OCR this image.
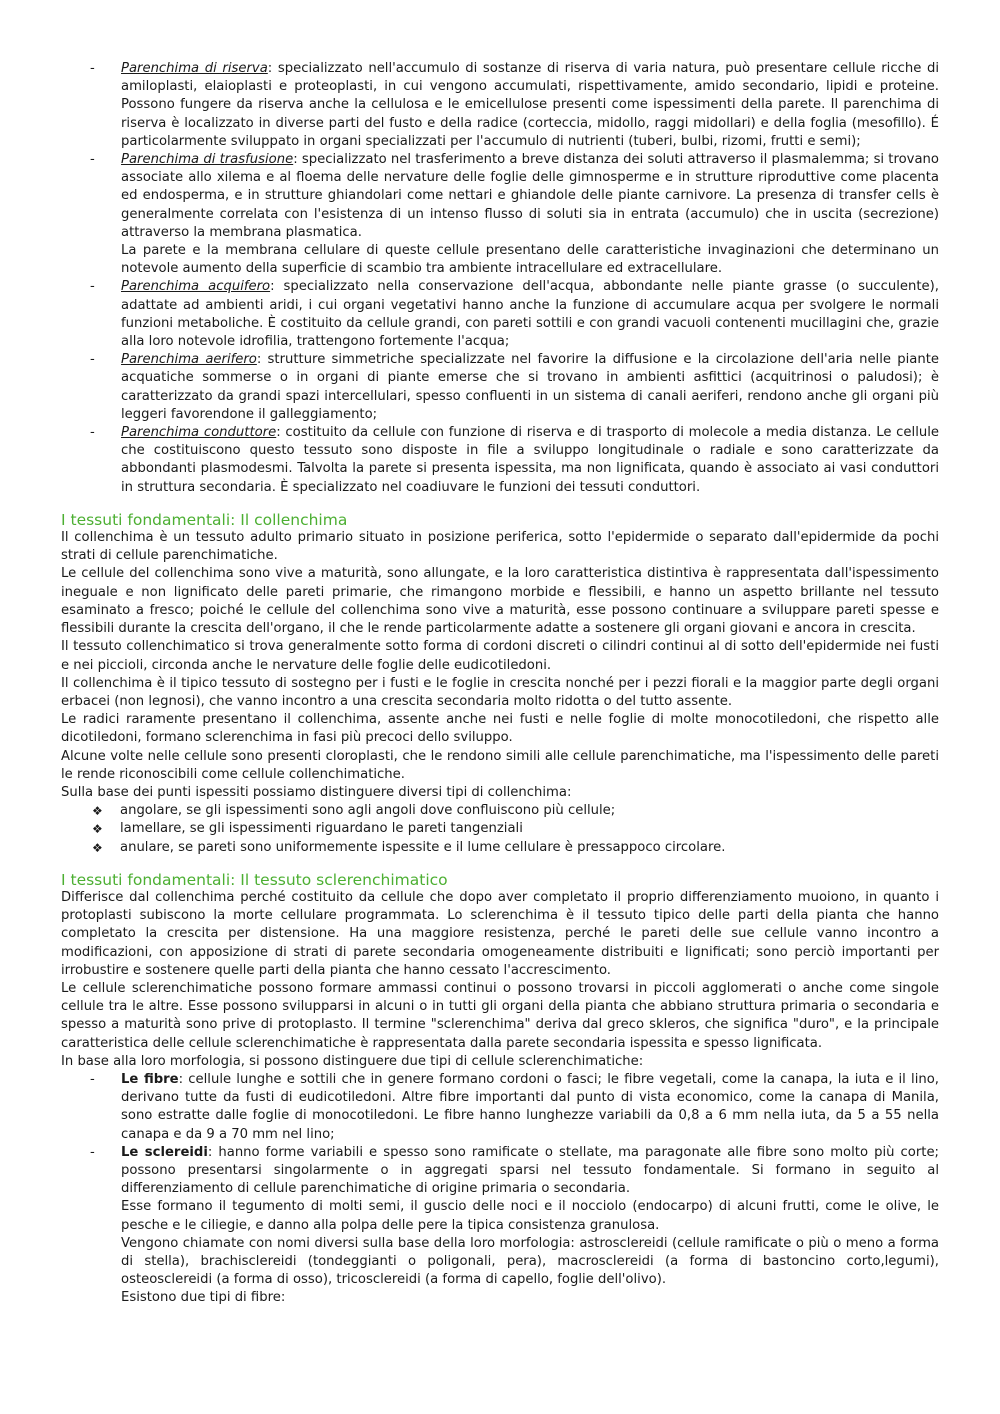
- Parenchima di riserva: specializzato nell'accumulo di sostanze di riserva di varia natura, può presentare cellule ricche di amiloplasti, elaioplasti e proteoplasti, in cui vengono accumulati, rispettivamente, amido secondario, lipidi e proteine. Possono fungere da riserva anche la cellulosa e le emicellulose presenti come ispessimenti della parete. Il parenchima di riserva è localizzato in diverse parti del fusto e della radice (corteccia, midollo, raggi midollari) e della foglia (mesofillo). É particolarmente sviluppato in organi specializzati per l'accumulo di nutrienti (tuberi, bulbi, rizomi, frutti e semi);
- Parenchima di trasfusione: specializzato nel trasferimento a breve distanza dei soluti attraverso il plasmalemma; si trovano associate allo xilema e al floema delle nervature delle foglie delle gimnosperme e in strutture riproduttive come placenta ed endosperma, e in strutture ghiandolari come nettari e ghiandole delle piante carnivore. La presenza di transfer cells è generalmente correlata con l'esistenza di un intenso flusso di soluti sia in entrata (accumulo) che in uscita (secrezione) attraverso la membrana plasmatica.

La parete e la membrana cellulare di queste cellule presentano delle caratteristiche invaginazioni che determinano un notevole aumento della superficie di scambio tra ambiente intracellulare ed extracellulare.

- Parenchima acquifero: specializzato nella conservazione dell'acqua, abbondante nelle piante grasse (o succulente), adattate ad ambienti aridi, i cui organi vegetativi hanno anche la funzione di accumulare acqua per svolgere le normali funzioni metaboliche. È costituito da cellule grandi, con pareti sottili e con grandi vacuoli contenenti mucillagini che, grazie alla loro notevole idrofilia, trattengono fortemente l'acqua;
- Parenchima aerifero: strutture simmetriche specializzate nel favorire la diffusione e la circolazione dell'aria nelle piante acquatiche sommerse o in organi di piante emerse che si trovano in ambienti asfittici (acquitrinosi o paludosi); è caratterizzato da grandi spazi intercellulari, spesso confluenti in un sistema di canali aeriferi, rendono anche gli organi più leggeri favorendone il galleggiamento;
- Parenchima conduttore: costituito da cellule con funzione di riserva e di trasporto di molecole a media distanza. Le cellule che costituiscono questo tessuto sono disposte in file a sviluppo longitudinale o radiale e sono caratterizzate da abbondanti plasmodesmi. Talvolta la parete si presenta ispessita, ma non lignificata, quando è associato ai vasi conduttori in struttura secondaria. È specializzato nel coadiuvare le funzioni dei tessuti conduttori.
I tessuti fondamentali: Il collenchima

Il collenchima è un tessuto adulto primario situato in posizione periferica, sotto l'epidermide o separato dall'epidermide da pochi strati di cellule parenchimatiche.

Le cellule del collenchima sono vive a maturità, sono allungate, e la loro caratteristica distintiva è rappresentata dall'ispessimento ineguale e non lignificato delle pareti primarie, che rimangono morbide e flessibili, e hanno un aspetto brillante nel tessuto esaminato a fresco; poiché le cellule del collenchima sono vive a maturità, esse possono continuare a sviluppare pareti spesse e flessibili durante la crescita dell'organo, il che le rende particolarmente adatte a sostenere gli organi giovani e ancora in crescita.

Il tessuto collenchimatico si trova generalmente sotto forma di cordoni discreti o cilindri continui al di sotto dell'epidermide nei fusti e nei piccioli, circonda anche le nervature delle foglie delle eudicotiledoni.

Il collenchima è il tipico tessuto di sostegno per i fusti e le foglie in crescita nonché per i pezzi fiorali e la maggior parte degli organi erbacei (non legnosi), che vanno incontro a una crescita secondaria molto ridotta o del tutto assente.

Le radici raramente presentano il collenchima, assente anche nei fusti e nelle foglie di molte monocotiledoni, che rispetto alle dicotiledoni, formano sclerenchima in fasi più precoci dello sviluppo.

Alcune volte nelle cellule sono presenti cloroplasti, che le rendono simili alle cellule parenchimatiche, ma l'ispessimento delle pareti le rende riconoscibili come cellule collenchimatiche.

Sulla base dei punti ispessiti possiamo distinguere diversi tipi di collenchima:

❖ angolare, se gli ispessimenti sono agli angoli dove confluiscono più cellule;
❖ lamellare, se gli ispessimenti riguardano le pareti tangenziali
❖ anulare, se pareti sono uniformemente ispessite e il lume cellulare è pressappoco circolare.
I tessuti fondamentali: Il tessuto sclerenchimatico

Differisce dal collenchima perché costituito da cellule che dopo aver completato il proprio differenziamento muoiono, in quanto i protoplasti subiscono la morte cellulare programmata. Lo sclerenchima è il tessuto tipico delle parti della pianta che hanno completato la crescita per distensione. Ha una maggiore resistenza, perché le pareti delle sue cellule vanno incontro a modificazioni, con apposizione di strati di parete secondaria omogeneamente distribuiti e lignificati; sono perciò importanti per irrobustire e sostenere quelle parti della pianta che hanno cessato l'accrescimento.

Le cellule sclerenchimatiche possono formare ammassi continui o possono trovarsi in piccoli agglomerati o anche come singole cellule tra le altre. Esse possono svilupparsi in alcuni o in tutti gli organi della pianta che abbiano struttura primaria o secondaria e spesso a maturità sono prive di protoplasto. Il termine "sclerenchima" deriva dal greco skleros, che significa "duro", e la principale caratteristica delle cellule sclerenchimatiche è rappresentata dalla parete secondaria ispessita e spesso lignificata.

In base alla loro morfologia, si possono distinguere due tipi di cellule sclerenchimatiche:

- Le fibre: cellule lunghe e sottili che in genere formano cordoni o fasci; le fibre vegetali, come la canapa, la iuta e il lino, derivano tutte da fusti di eudicotiledoni. Altre fibre importanti dal punto di vista economico, come la canapa di Manila, sono estratte dalle foglie di monocotiledoni. Le fibre hanno lunghezze variabili da 0,8 a 6 mm nella iuta, da 5 a 55 nella canapa e da 9 a 70 mm nel lino;
- Le sclereidi: hanno forme variabili e spesso sono ramificate o stellate, ma paragonate alle fibre sono molto più corte; possono presentarsi singolarmente o in aggregati sparsi nel tessuto fondamentale. Si formano in seguito al differenziamento di cellule parenchimatiche di origine primaria o secondaria.

Esse formano il tegumento di molti semi, il guscio delle noci e il nocciolo (endocarpo) di alcuni frutti, come le olive, le pesche e le ciliegie, e danno alla polpa delle pere la tipica consistenza granulosa.

Vengono chiamate con nomi diversi sulla base della loro morfologia: astrosclereidi (cellule ramificate o più o meno a forma di stella), brachisclereidi (tondeggianti o poligonali, pera), macrosclereidi (a forma di bastoncino corto,legumi), osteosclereidi (a forma di osso), tricosclereidi (a forma di capello, foglie dell'olivo).

Esistono due tipi di fibre:
